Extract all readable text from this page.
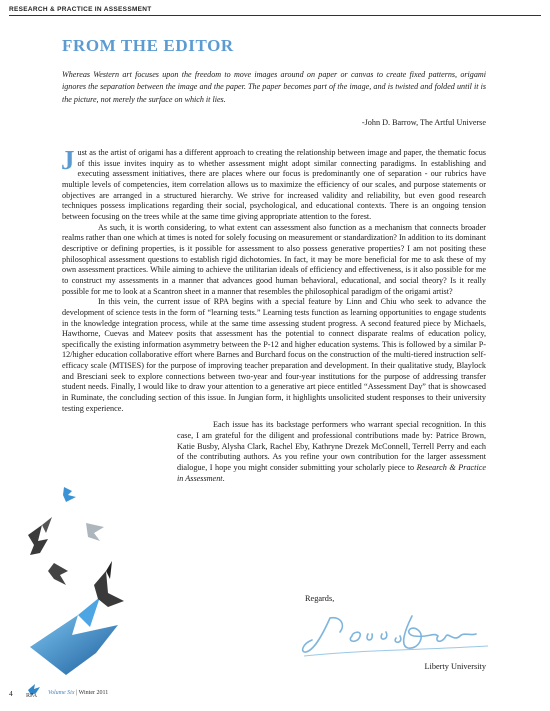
RESEARCH & PRACTICE IN ASSESSMENT
FROM THE EDITOR

Whereas Western art focuses upon the freedom to move images around on paper or canvas to create fixed patterns, origami ignores the separation between the image and the paper. The paper becomes part of the image, and is twisted and folded until it is the picture, not merely the surface on which it lies.

-John D. Barrow, The Artful Universe

Just as the artist of origami has a different approach to creating the relationship between image and paper, the thematic focus of this issue invites inquiry as to whether assessment might adopt similar connecting paradigms. In establishing and executing assessment initiatives, there are places where our focus is predominantly one of separation - our rubrics have multiple levels of competencies, item correlation allows us to maximize the efficiency of our scales, and purpose statements or objectives are arranged in a structured hierarchy. We strive for increased validity and reliability, but even good research techniques possess implications regarding their social, psychological, and educational contexts. There is an ongoing tension between focusing on the trees while at the same time giving appropriate attention to the forest.

As such, it is worth considering, to what extent can assessment also function as a mechanism that connects broader realms rather than one which at times is noted for solely focusing on measurement or standardization? In addition to its dominant descriptive or defining properties, is it possible for assessment to also possess generative properties? I am not positing these philosophical assessment questions to establish rigid dichotomies. In fact, it may be more beneficial for me to ask these of my own assessment practices. While aiming to achieve the utilitarian ideals of efficiency and effectiveness, is it also possible for me to construct my assessments in a manner that advances good human behavioral, educational, and social theory? Is it really possible for me to look at a Scantron sheet in a manner that resembles the philosophical paradigm of the origami artist?

In this vein, the current issue of RPA begins with a special feature by Linn and Chiu who seek to advance the development of science tests in the form of “learning tests.” Learning tests function as learning opportunities to engage students in the knowledge integration process, while at the same time assessing student progress. A second featured piece by Michaels, Hawthorne, Cuevas and Mateev posits that assessment has the potential to connect disparate realms of education policy, specifically the existing information asymmetry between the P-12 and higher education systems. This is followed by a similar P-12/higher education collaborative effort where Barnes and Burchard focus on the construction of the multi-tiered instruction self-efficacy scale (MTISES) for the purpose of improving teacher preparation and development. In their qualitative study, Blaylock and Bresciani seek to explore connections between two-year and four-year institutions for the purpose of addressing transfer student needs. Finally, I would like to draw your attention to a generative art piece entitled “Assessment Day” that is showcased in Ruminate, the concluding section of this issue. In Jungian form, it highlights unsolicited student responses to their university testing experience.

Each issue has its backstage performers who warrant special recognition. In this case, I am grateful for the diligent and professional contributions made by: Patrice Brown, Katie Busby, Alysha Clark, Rachel Eby, Kathryne Drezek McConnell, Terrell Perry and each of the contributing authors. As you refine your own contribution for the larger assessment dialogue, I hope you might consider submitting your scholarly piece to Research & Practice in Assessment.

Regards,

Liberty University

4 RPA Volume Six | Winter 2011
